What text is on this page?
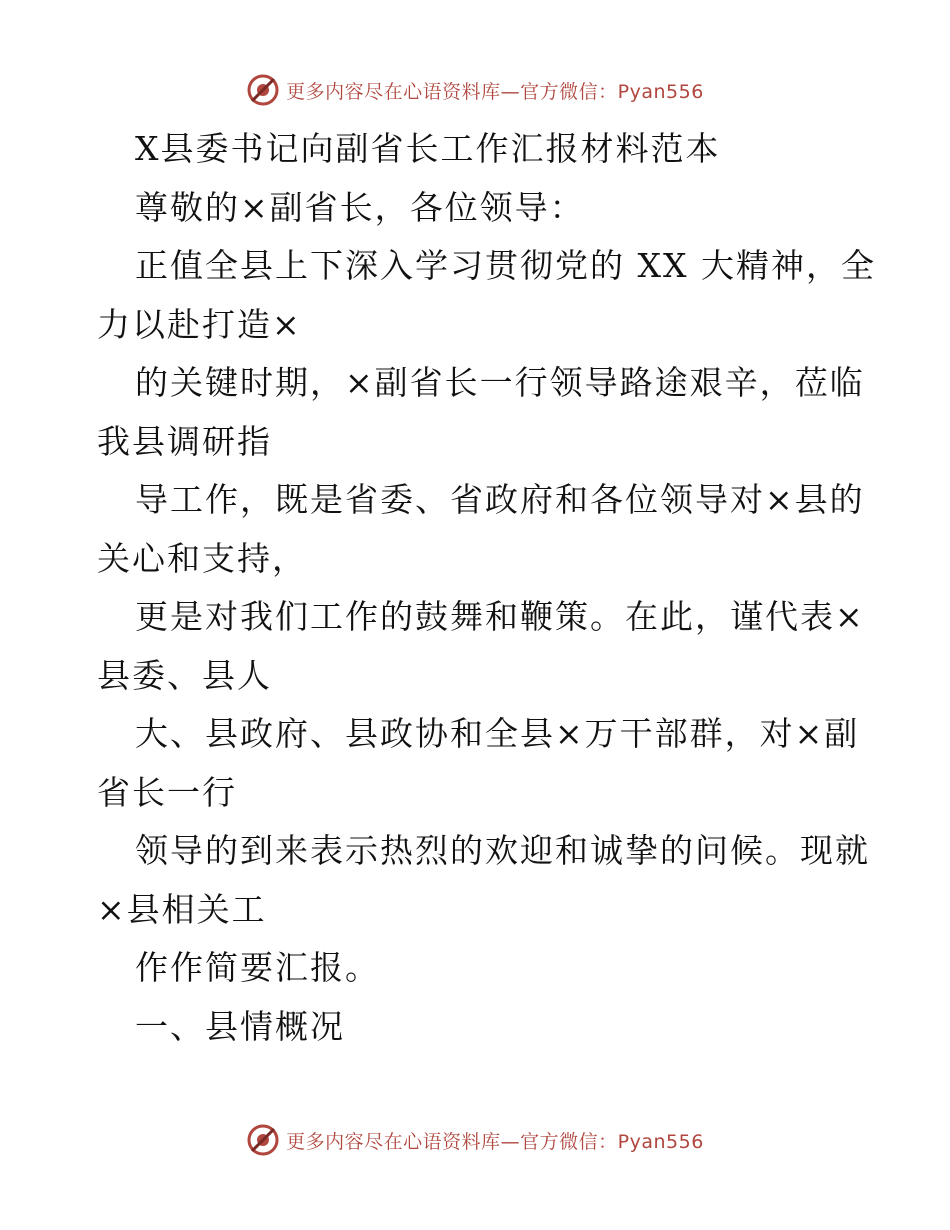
更多内容尽在心语资料库—官方微信：Pyan556
X县委书记向副省长工作汇报材料范本
尊敬的×副省长，各位领导：
正值全县上下深入学习贯彻党的 XX 大精神，全
力以赴打造×
的关键时期，×副省长一行领导路途艰辛，莅临
我县调研指
导工作，既是省委、省政府和各位领导对×县的
关心和支持，
更是对我们工作的鼓舞和鞭策。在此，谨代表×
县委、县人
大、县政府、县政协和全县×万干部群，对×副
省长一行
领导的到来表示热烈的欢迎和诚挚的问候。现就
×县相关工
作作简要汇报。
一、县情概况
更多内容尽在心语资料库—官方微信：Pyan556
